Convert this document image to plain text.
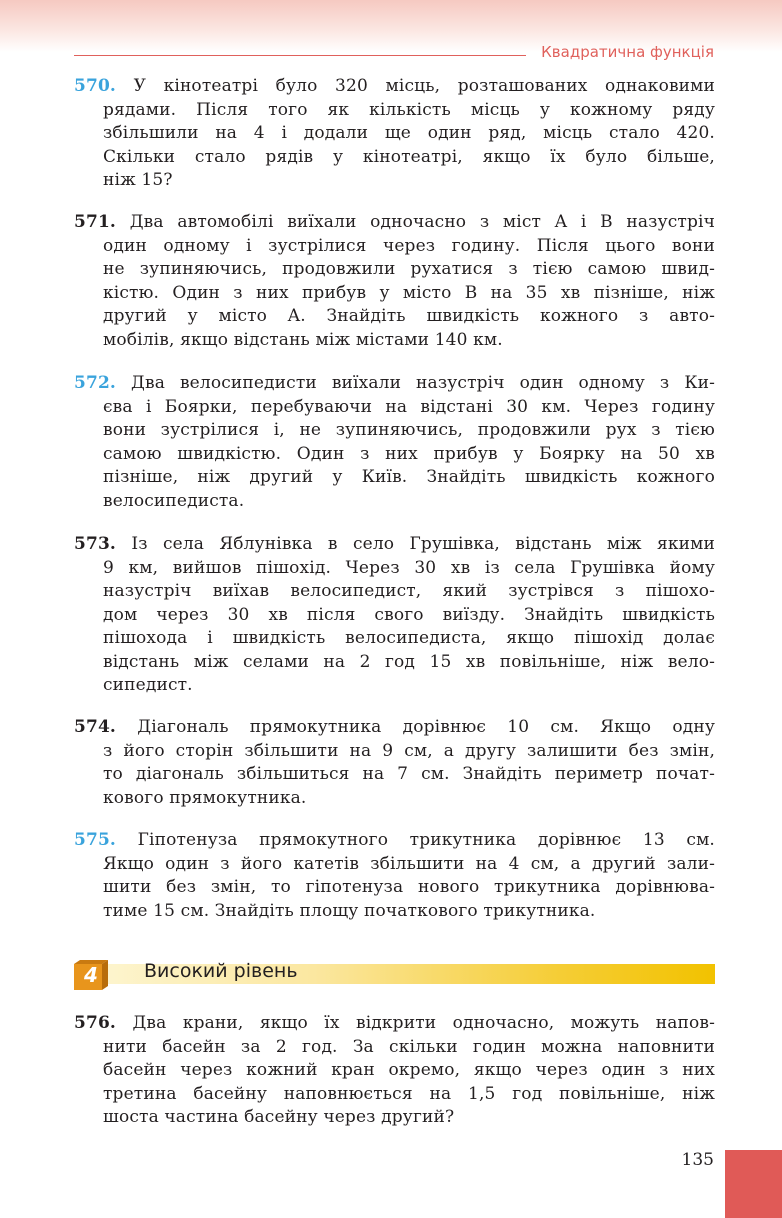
Квадратична функція
570. У кінотеатрі було 320 місць, розташованих однаковими
рядами. Після того як кількість місць у кожному ряду
збільшили на 4 і додали ще один ряд, місць стало 420.
Скільки стало рядів у кінотеатрі, якщо їх було більше,
ніж 15?
571. Два автомобілі виїхали одночасно з міст A і B назустріч
один одному і зустрілися через годину. Після цього вони
не зупиняючись, продовжили рухатися з тією самою швид-
кістю. Один з них прибув у місто B на 35 хв пізніше, ніж
другий у місто A. Знайдіть швидкість кожного з авто-
мобілів, якщо відстань між містами 140 км.
572. Два велосипедисти виїхали назустріч один одному з Ки-
єва і Боярки, перебуваючи на відстані 30 км. Через годину
вони зустрілися і, не зупиняючись, продовжили рух з тією
самою швидкістю. Один з них прибув у Боярку на 50 хв
пізніше, ніж другий у Київ. Знайдіть швидкість кожного
велосипедиста.
573. Із села Яблунівка в село Грушівка, відстань між якими
9 км, вийшов пішохід. Через 30 хв із села Грушівка йому
назустріч виїхав велосипедист, який зустрівся з пішохо-
дом через 30 хв після свого виїзду. Знайдіть швидкість
пішохода і швидкість велосипедиста, якщо пішохід долає
відстань між селами на 2 год 15 хв повільніше, ніж вело-
сипедист.
574. Діагональ прямокутника дорівнює 10 см. Якщо одну
з його сторін збільшити на 9 см, а другу залишити без змін,
то діагональ збільшиться на 7 см. Знайдіть периметр почат-
кового прямокутника.
575. Гіпотенуза прямокутного трикутника дорівнює 13 см.
Якщо один з його катетів збільшити на 4 см, а другий зали-
шити без змін, то гіпотенуза нового трикутника дорівнюва-
тиме 15 см. Знайдіть площу початкового трикутника.
4	Високий рівень
576. Два крани, якщо їх відкрити одночасно, можуть напов-
нити басейн за 2 год. За скільки годин можна наповнити
басейн через кожний кран окремо, якщо через один з них
третина басейну наповнюється на 1,5 год повільніше, ніж
шоста частина басейну через другий?
135
